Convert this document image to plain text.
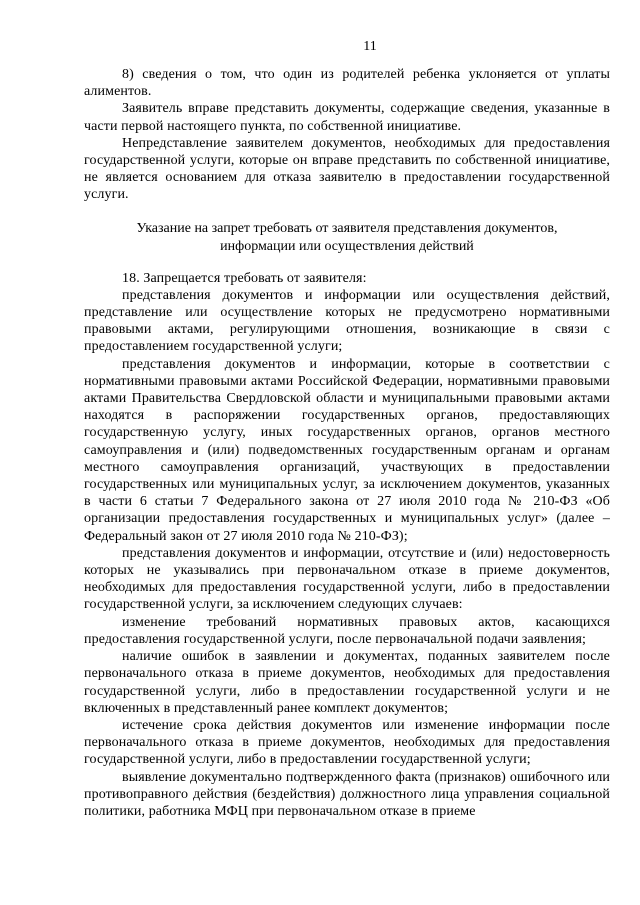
11

8) сведения о том, что один из родителей ребенка уклоняется от уплаты алиментов.

Заявитель вправе представить документы, содержащие сведения, указанные в части первой настоящего пункта, по собственной инициативе.

Непредставление заявителем документов, необходимых для предоставления государственной услуги, которые он вправе представить по собственной инициативе, не является основанием для отказа заявителю в предоставлении государственной услуги.

Указание на запрет требовать от заявителя представления документов,
информации или осуществления действий

18. Запрещается требовать от заявителя:

представления документов и информации или осуществления действий, представление или осуществление которых не предусмотрено нормативными правовыми актами, регулирующими отношения, возникающие в связи с предоставлением государственной услуги;

представления документов и информации, которые в соответствии с нормативными правовыми актами Российской Федерации, нормативными правовыми актами Правительства Свердловской области и муниципальными правовыми актами находятся в распоряжении государственных органов, предоставляющих государственную услугу, иных государственных органов, органов местного самоуправления и (или) подведомственных государственным органам и органам местного самоуправления организаций, участвующих в предоставлении государственных или муниципальных услуг, за исключением документов, указанных в части 6 статьи 7 Федерального закона от 27 июля 2010 года № 210-ФЗ «Об организации предоставления государственных и муниципальных услуг» (далее – Федеральный закон от 27 июля 2010 года № 210-ФЗ);

представления документов и информации, отсутствие и (или) недостоверность которых не указывались при первоначальном отказе в приеме документов, необходимых для предоставления государственной услуги, либо в предоставлении государственной услуги, за исключением следующих случаев:

изменение требований нормативных правовых актов, касающихся предоставления государственной услуги, после первоначальной подачи заявления;

наличие ошибок в заявлении и документах, поданных заявителем после первоначального отказа в приеме документов, необходимых для предоставления государственной услуги, либо в предоставлении государственной услуги и не включенных в представленный ранее комплект документов;

истечение срока действия документов или изменение информации после первоначального отказа в приеме документов, необходимых для предоставления государственной услуги, либо в предоставлении государственной услуги;

выявление документально подтвержденного факта (признаков) ошибочного или противоправного действия (бездействия) должностного лица управления социальной политики, работника МФЦ при первоначальном отказе в приеме
